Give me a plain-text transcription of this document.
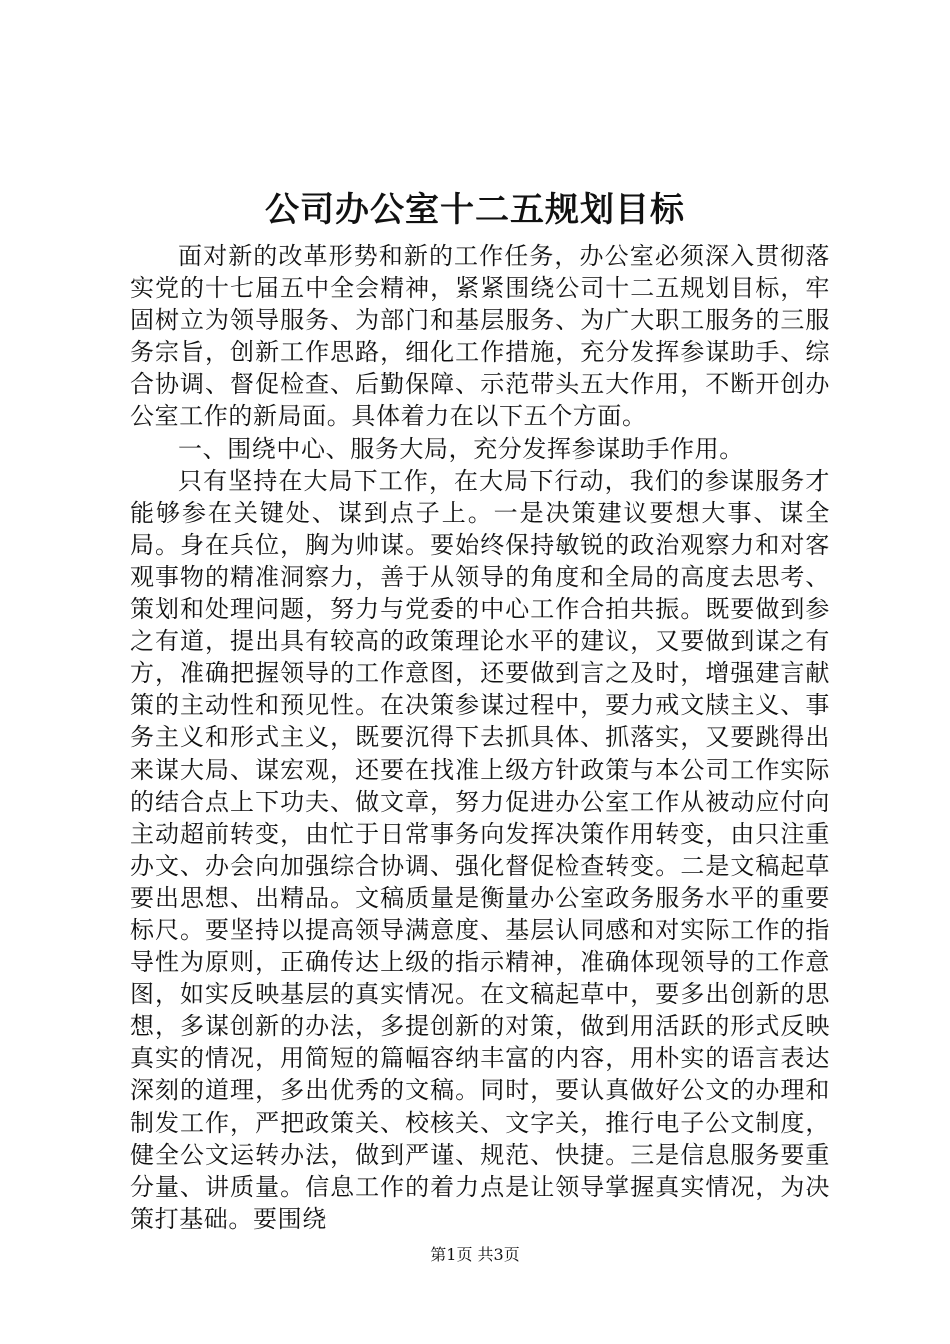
公司办公室十二五规划目标

面对新的改革形势和新的工作任务，办公室必须深入贯彻落实党的十七届五中全会精神，紧紧围绕公司十二五规划目标，牢固树立为领导服务、为部门和基层服务、为广大职工服务的三服务宗旨，创新工作思路，细化工作措施，充分发挥参谋助手、综合协调、督促检查、后勤保障、示范带头五大作用，不断开创办公室工作的新局面。具体着力在以下五个方面。

一、围绕中心、服务大局，充分发挥参谋助手作用。

只有坚持在大局下工作，在大局下行动，我们的参谋服务才能够参在关键处、谋到点子上。一是决策建议要想大事、谋全局。身在兵位，胸为帅谋。要始终保持敏锐的政治观察力和对客观事物的精准洞察力，善于从领导的角度和全局的高度去思考、策划和处理问题，努力与党委的中心工作合拍共振。既要做到参之有道，提出具有较高的政策理论水平的建议，又要做到谋之有方，准确把握领导的工作意图，还要做到言之及时，增强建言献策的主动性和预见性。在决策参谋过程中，要力戒文牍主义、事务主义和形式主义，既要沉得下去抓具体、抓落实，又要跳得出来谋大局、谋宏观，还要在找准上级方针政策与本公司工作实际的结合点上下功夫、做文章，努力促进办公室工作从被动应付向主动超前转变，由忙于日常事务向发挥决策作用转变，由只注重办文、办会向加强综合协调、强化督促检查转变。二是文稿起草要出思想、出精品。文稿质量是衡量办公室政务服务水平的重要标尺。要坚持以提高领导满意度、基层认同感和对实际工作的指导性为原则，正确传达上级的指示精神，准确体现领导的工作意图，如实反映基层的真实情况。在文稿起草中，要多出创新的思想，多谋创新的办法，多提创新的对策，做到用活跃的形式反映真实的情况，用简短的篇幅容纳丰富的内容，用朴实的语言表达深刻的道理，多出优秀的文稿。同时，要认真做好公文的办理和制发工作，严把政策关、校核关、文字关，推行电子公文制度，健全公文运转办法，做到严谨、规范、快捷。三是信息服务要重分量、讲质量。信息工作的着力点是让领导掌握真实情况，为决策打基础。要围绕

第1页 共3页
